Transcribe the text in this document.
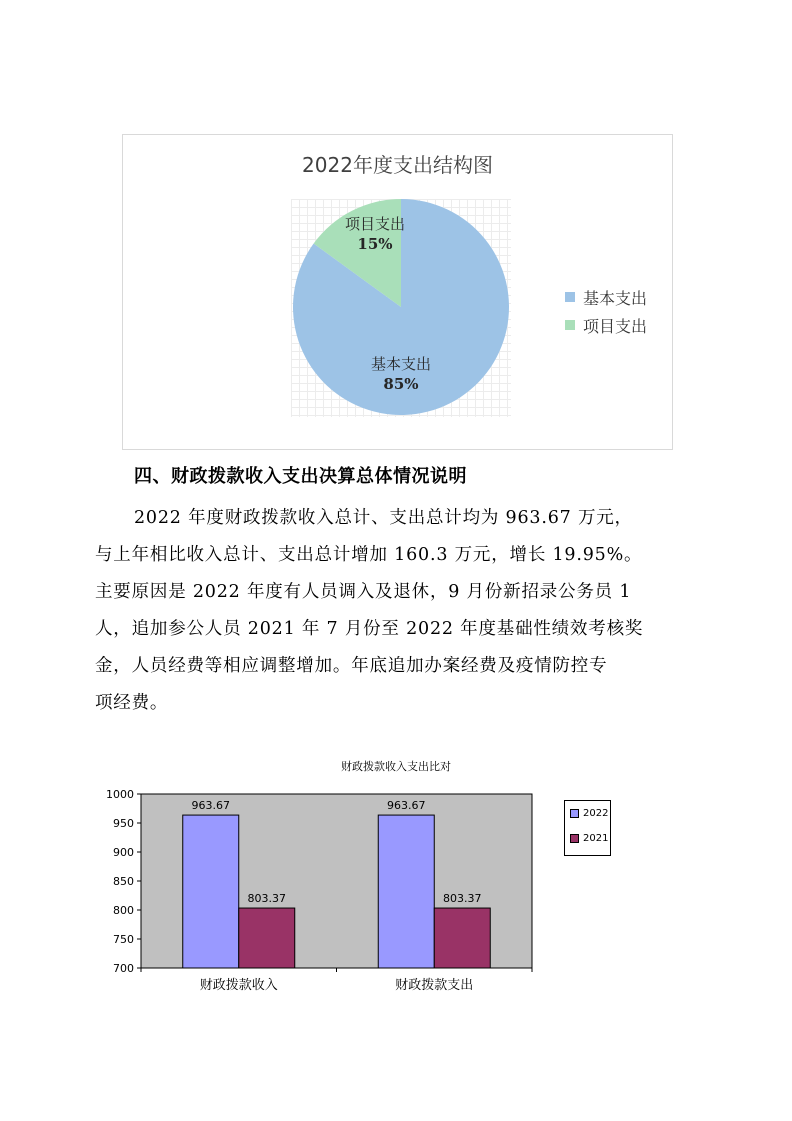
2022年度支出结构图
基本支出
85%
项目支出
15%
基本支出
项目支出
四、财政拨款收入支出决算总体情况说明
2022 年度财政拨款收入总计、支出总计均为 963.67 万元，
与上年相比收入总计、支出总计增加 160.3 万元，增长 19.95%。
主要原因是 2022 年度有人员调入及退休，9 月份新招录公务员 1
人，追加参公人员 2021 年 7 月份至 2022 年度基础性绩效考核奖
金，人员经费等相应调整增加。年底追加办案经费及疫情防控专
项经费。
财政拨款收入支出比对
700
750
800
850
900
950
1000
963.67
803.37
财政拨款收入
963.67
803.37
财政拨款支出
2022
2021
